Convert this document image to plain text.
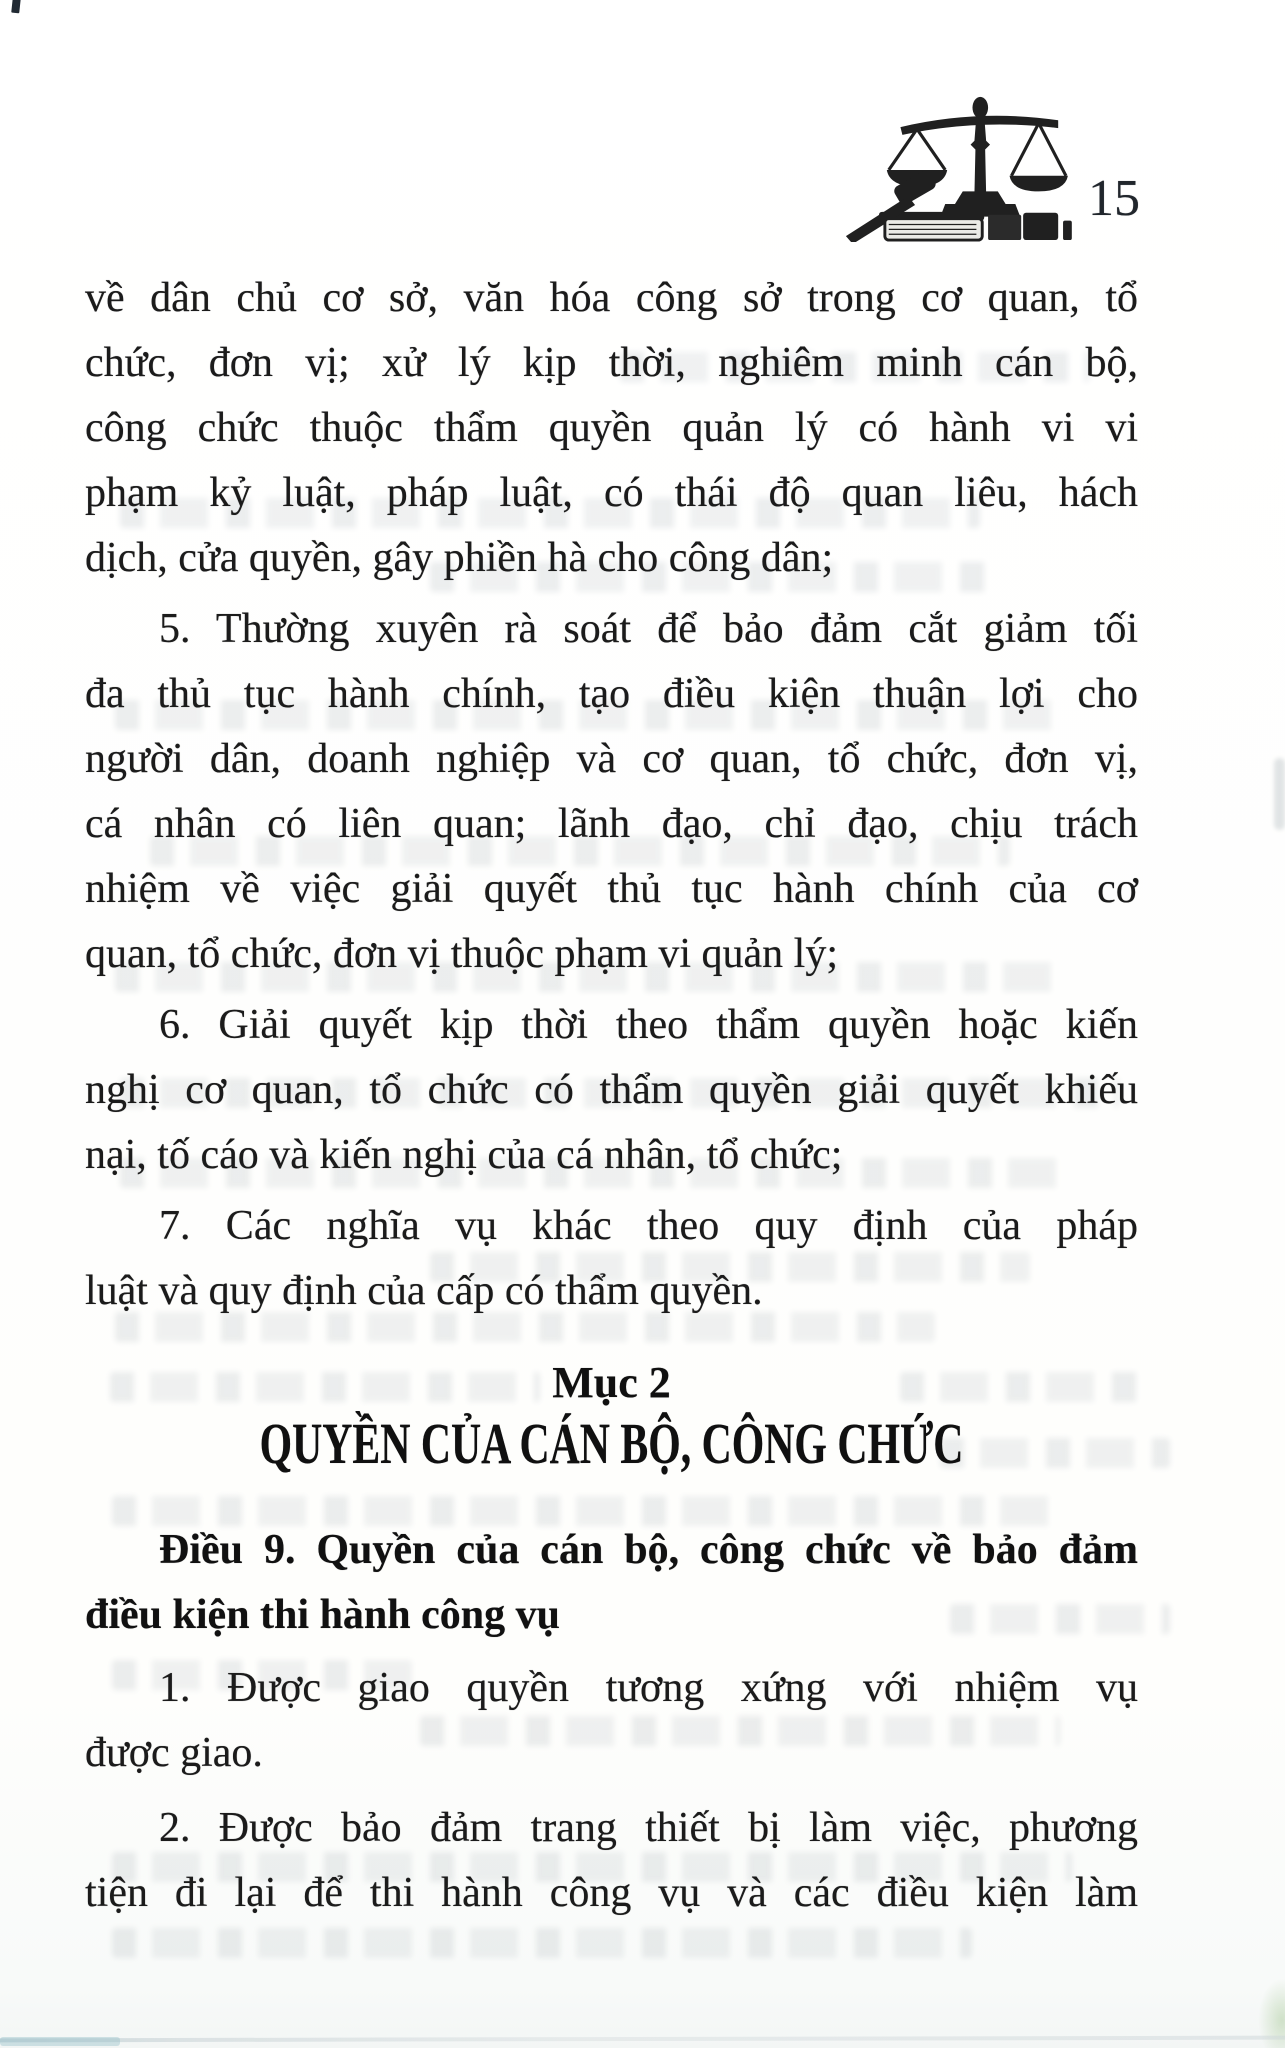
15

về dân chủ cơ sở, văn hóa công sở trong cơ quan, tổ
chức, đơn vị; xử lý kịp thời, nghiêm minh cán bộ,
công chức thuộc thẩm quyền quản lý có hành vi vi
phạm kỷ luật, pháp luật, có thái độ quan liêu, hách
dịch, cửa quyền, gây phiền hà cho công dân;

5. Thường xuyên rà soát để bảo đảm cắt giảm tối
đa thủ tục hành chính, tạo điều kiện thuận lợi cho
người dân, doanh nghiệp và cơ quan, tổ chức, đơn vị,
cá nhân có liên quan; lãnh đạo, chỉ đạo, chịu trách
nhiệm về việc giải quyết thủ tục hành chính của cơ
quan, tổ chức, đơn vị thuộc phạm vi quản lý;

6. Giải quyết kịp thời theo thẩm quyền hoặc kiến
nghị cơ quan, tổ chức có thẩm quyền giải quyết khiếu
nại, tố cáo và kiến nghị của cá nhân, tổ chức;

7. Các nghĩa vụ khác theo quy định của pháp
luật và quy định của cấp có thẩm quyền.

Mục 2
QUYỀN CỦA CÁN BỘ, CÔNG CHỨC

Điều 9. Quyền của cán bộ, công chức về bảo đảm
điều kiện thi hành công vụ

1. Được giao quyền tương xứng với nhiệm vụ
được giao.

2. Được bảo đảm trang thiết bị làm việc, phương
tiện đi lại để thi hành công vụ và các điều kiện làm
